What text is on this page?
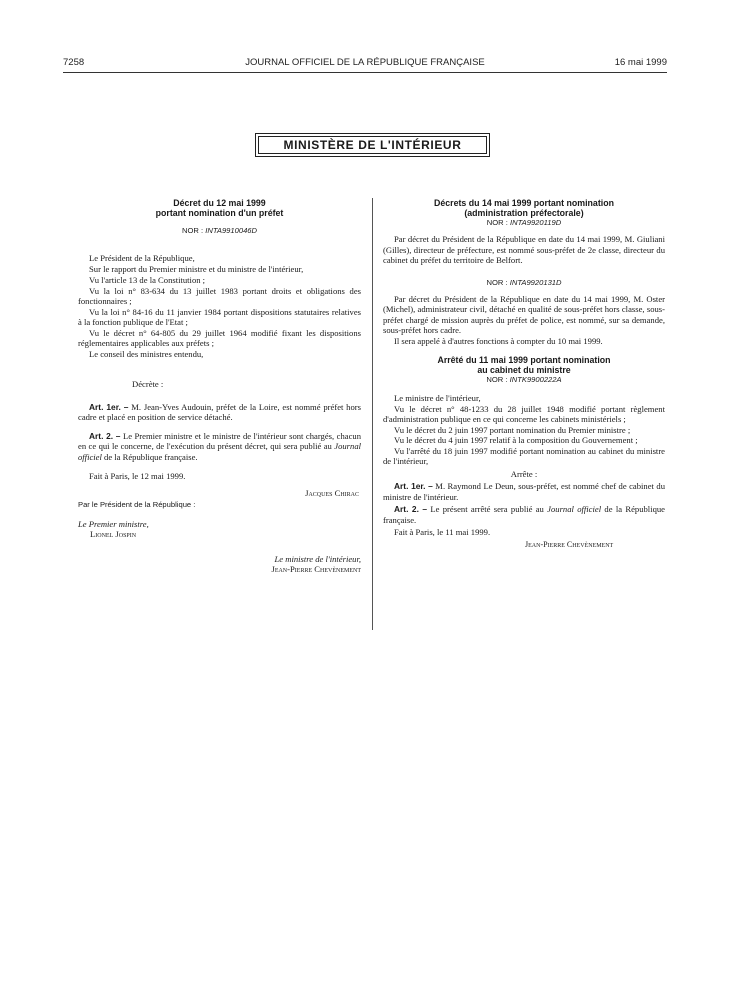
7258	JOURNAL OFFICIEL DE LA RÉPUBLIQUE FRANÇAISE	16 mai 1999
MINISTÈRE DE L'INTÉRIEUR
Décret du 12 mai 1999
portant nomination d'un préfet
NOR : INTA9910046D

Le Président de la République,

Sur le rapport du Premier ministre et du ministre de l'intérieur,

Vu l'article 13 de la Constitution ;

Vu la loi n° 83-634 du 13 juillet 1983 portant droits et obligations des fonctionnaires ;

Vu la loi n° 84-16 du 11 janvier 1984 portant dispositions statutaires relatives à la fonction publique de l'Etat ;

Vu le décret n° 64-805 du 29 juillet 1964 modifié fixant les dispositions réglementaires applicables aux préfets ;

Le conseil des ministres entendu,

Décrète :

Art. 1er. – M. Jean-Yves Audouin, préfet de la Loire, est nommé préfet hors cadre et placé en position de service détaché.

Art. 2. – Le Premier ministre et le ministre de l'intérieur sont chargés, chacun en ce qui le concerne, de l'exécution du présent décret, qui sera publié au Journal officiel de la République française.

Fait à Paris, le 12 mai 1999.

Jacques Chirac

Par le Président de la République :

Le Premier ministre,

Lionel Jospin

Le ministre de l'intérieur,

Jean-Pierre Chevènement

Décrets du 14 mai 1999 portant nomination
(administration préfectorale)
NOR : INTA9920119D

Par décret du Président de la République en date du 14 mai 1999, M. Giuliani (Gilles), directeur de préfecture, est nommé sous-préfet de 2e classe, directeur du cabinet du préfet du territoire de Belfort.

NOR : INTA9920131D

Par décret du Président de la République en date du 14 mai 1999, M. Oster (Michel), administrateur civil, détaché en qualité de sous-préfet hors classe, sous-préfet chargé de mission auprès du préfet de police, est nommé, sur sa demande, sous-préfet hors cadre.

Il sera appelé à d'autres fonctions à compter du 10 mai 1999.

Arrêté du 11 mai 1999 portant nomination
au cabinet du ministre
NOR : INTK9900222A

Le ministre de l'intérieur,

Vu le décret n° 48-1233 du 28 juillet 1948 modifié portant règlement d'administration publique en ce qui concerne les cabinets ministériels ;

Vu le décret du 2 juin 1997 portant nomination du Premier ministre ;

Vu le décret du 4 juin 1997 relatif à la composition du Gouvernement ;

Vu l'arrêté du 18 juin 1997 modifié portant nomination au cabinet du ministre de l'intérieur,

Arrête :

Art. 1er. – M. Raymond Le Deun, sous-préfet, est nommé chef de cabinet du ministre de l'intérieur.

Art. 2. – Le présent arrêté sera publié au Journal officiel de la République française.

Fait à Paris, le 11 mai 1999.

Jean-Pierre Chevènement
